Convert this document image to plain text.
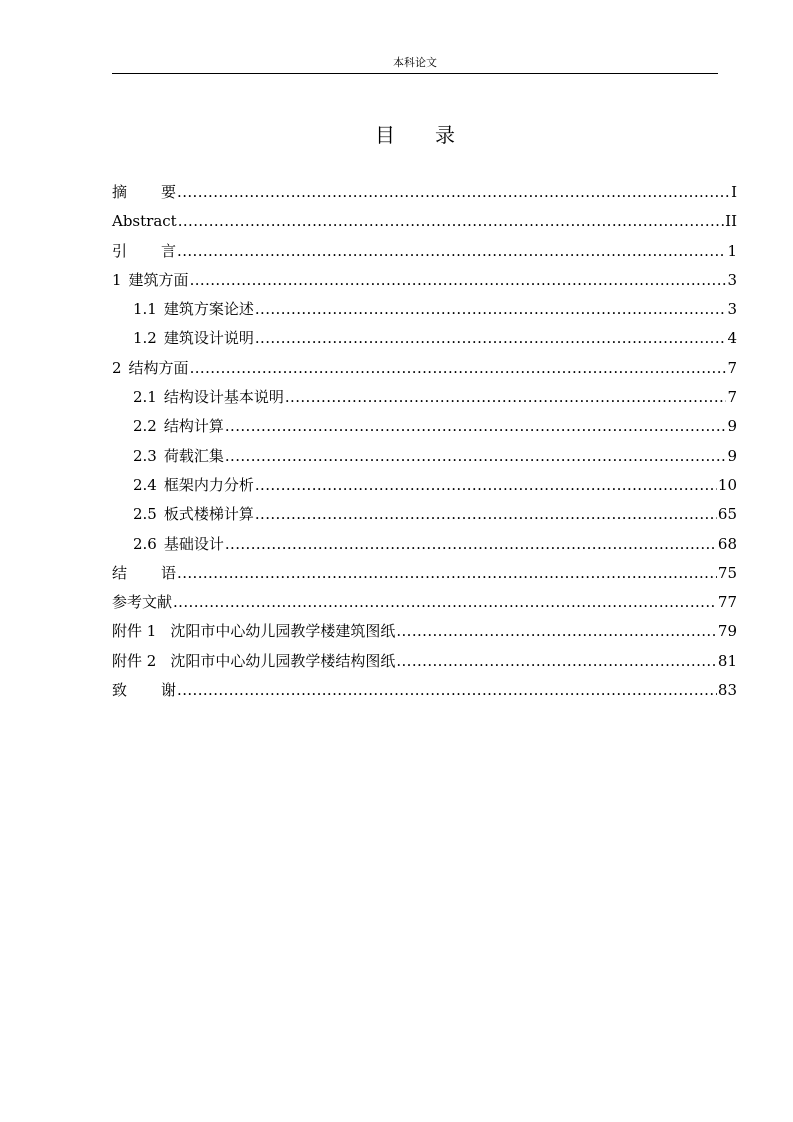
本科论文
目 录
摘 要 .....	I
Abstract .....	II
引 言 .....	1
1 建筑方面 .....	3
1.1 建筑方案论述 .....	3
1.2 建筑设计说明 .....	4
2 结构方面 .....	7
2.1 结构设计基本说明 .....	7
2.2 结构计算 .....	9
2.3 荷载汇集 .....	9
2.4 框架内力分析 .....	10
2.5 板式楼梯计算 .....	65
2.6 基础设计 .....	68
结 语 .....	75
参考文献 .....	77
附件 1 沈阳市中心幼儿园教学楼建筑图纸 .....	79
附件 2 沈阳市中心幼儿园教学楼结构图纸 .....	81
致 谢 .....	83
